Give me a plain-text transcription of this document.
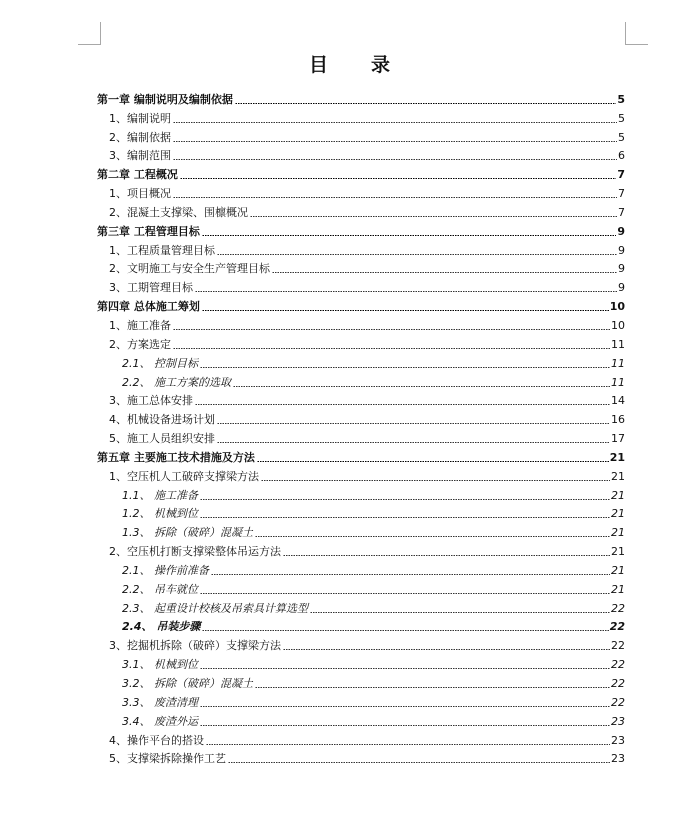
目 录
第一章 编制说明及编制依据	5
1、编制说明	5
2、编制依据	5
3、编制范围	6
第二章 工程概况	7
1、项目概况	7
2、混凝土支撑梁、围檩概况	7
第三章 工程管理目标	9
1、工程质量管理目标	9
2、文明施工与安全生产管理目标	9
3、工期管理目标	9
第四章 总体施工筹划	10
1、施工准备	10
2、方案选定	11
2.1、 控制目标	11
2.2、 施工方案的选取	11
3、施工总体安排	14
4、机械设备进场计划	16
5、施工人员组织安排	17
第五章 主要施工技术措施及方法	21
1、空压机人工破碎支撑梁方法	21
1.1、 施工准备	21
1.2、 机械到位	21
1.3、 拆除（破碎）混凝土	21
2、空压机打断支撑梁整体吊运方法	21
2.1、 操作前准备	21
2.2、 吊车就位	21
2.3、 起重设计校核及吊索具计算选型	22
2.4、 吊装步骤	22
3、挖掘机拆除（破碎）支撑梁方法	22
3.1、 机械到位	22
3.2、 拆除（破碎）混凝土	22
3.3、 废渣清理	22
3.4、 废渣外运	23
4、操作平台的搭设	23
5、支撑梁拆除操作工艺	23
